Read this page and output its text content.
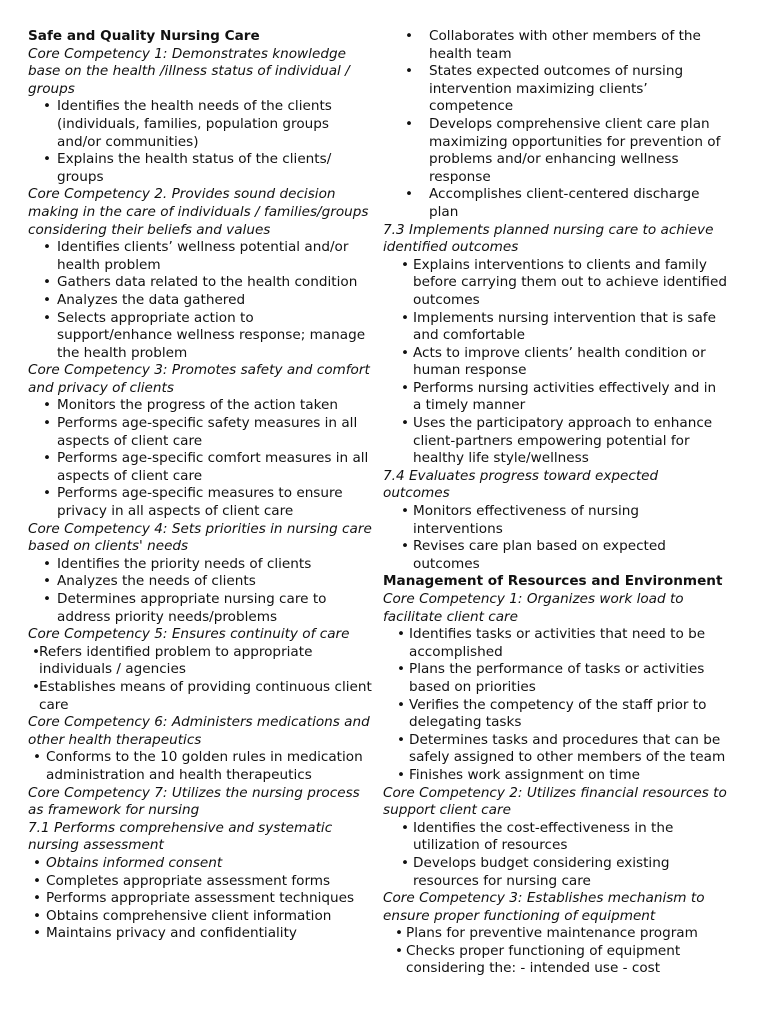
Safe and Quality Nursing Care
Core Competency 1: Demonstrates knowledge base on the health /illness status of individual / groups
• Identifies the health needs of the clients (individuals, families, population groups and/or communities)
• Explains the health status of the clients/ groups
Core Competency 2. Provides sound decision making in the care of individuals / families/groups considering their beliefs and values
• Identifies clients’ wellness potential and/or health problem
• Gathers data related to the health condition
• Analyzes the data gathered
• Selects appropriate action to support/enhance wellness response; manage the health problem
Core Competency 3: Promotes safety and comfort and privacy of clients
• Monitors the progress of the action taken
• Performs age-specific safety measures in all aspects of client care
• Performs age-specific comfort measures in all aspects of client care
• Performs age-specific measures to ensure privacy in all aspects of client care
Core Competency 4: Sets priorities in nursing care based on clients' needs
• Identifies the priority needs of clients
• Analyzes the needs of clients
• Determines appropriate nursing care to address priority needs/problems
Core Competency 5: Ensures continuity of care
• Refers identified problem to appropriate individuals / agencies
• Establishes means of providing continuous client care
Core Competency 6: Administers medications and other health therapeutics
• Conforms to the 10 golden rules in medication administration and health therapeutics
Core Competency 7: Utilizes the nursing process as framework for nursing
7.1 Performs comprehensive and systematic nursing assessment
• Obtains informed consent
• Completes appropriate assessment forms
• Performs appropriate assessment techniques
• Obtains comprehensive client information
• Maintains privacy and confidentiality
• Collaborates with other members of the health team
• States expected outcomes of nursing intervention maximizing clients’ competence
• Develops comprehensive client care plan maximizing opportunities for prevention of problems and/or enhancing wellness response
• Accomplishes client-centered discharge plan
7.3 Implements planned nursing care to achieve identified outcomes
• Explains interventions to clients and family before carrying them out to achieve identified outcomes
• Implements nursing intervention that is safe and comfortable
• Acts to improve clients’ health condition or human response
• Performs nursing activities effectively and in a timely manner
• Uses the participatory approach to enhance client-partners empowering potential for healthy life style/wellness
7.4 Evaluates progress toward expected outcomes
• Monitors effectiveness of nursing interventions
• Revises care plan based on expected outcomes
Management of Resources and Environment
Core Competency 1: Organizes work load to facilitate client care
• Identifies tasks or activities that need to be accomplished
• Plans the performance of tasks or activities based on priorities
• Verifies the competency of the staff prior to delegating tasks
• Determines tasks and procedures that can be safely assigned to other members of the team
• Finishes work assignment on time
Core Competency 2: Utilizes financial resources to support client care
• Identifies the cost-effectiveness in the utilization of resources
• Develops budget considering existing resources for nursing care
Core Competency 3: Establishes mechanism to ensure proper functioning of equipment
• Plans for preventive maintenance program
• Checks proper functioning of equipment considering the: - intended use - cost
